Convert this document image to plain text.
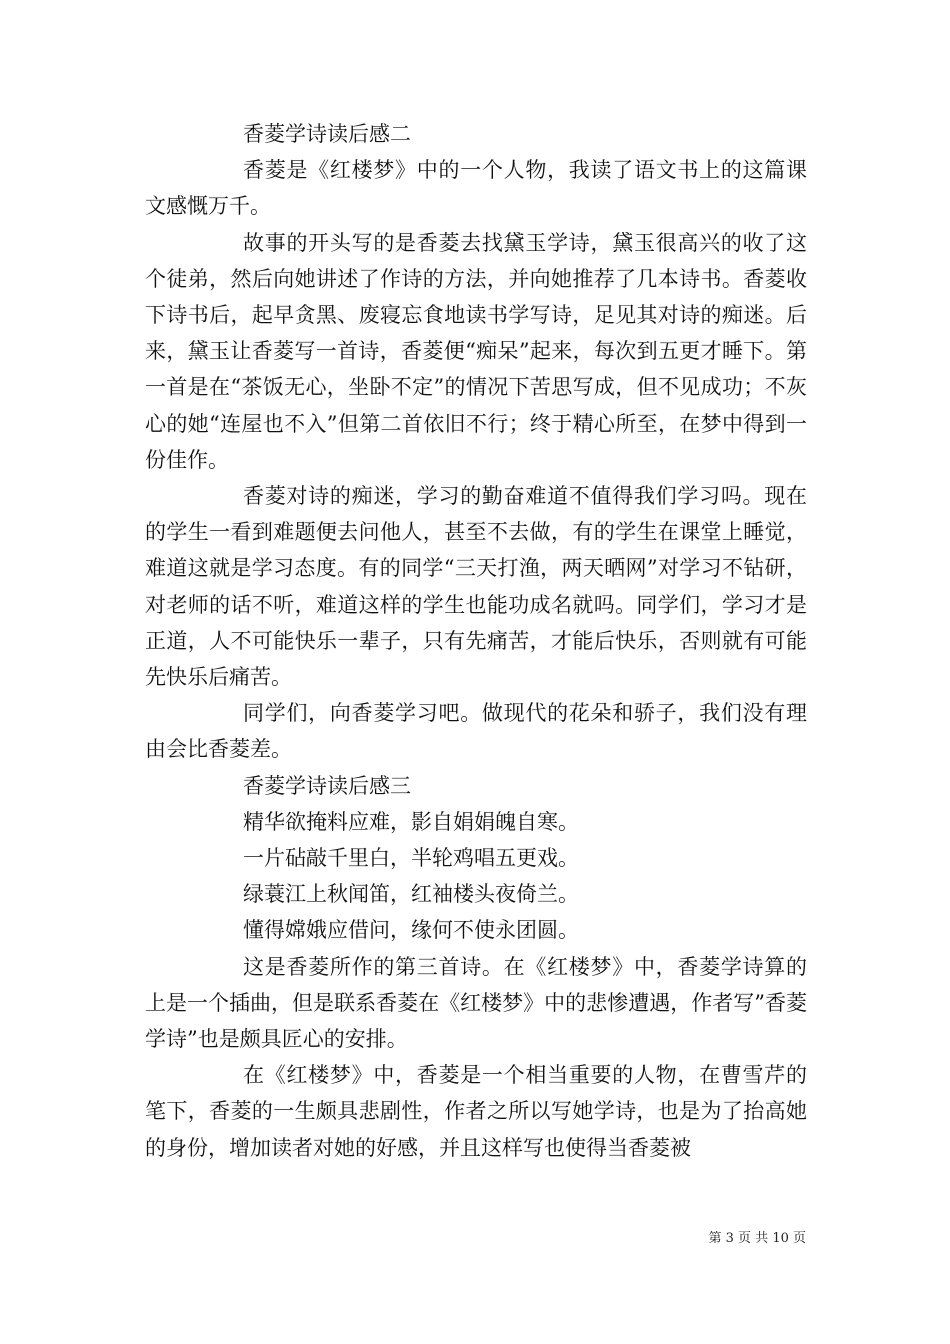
香菱学诗读后感二

香菱是《红楼梦》中的一个人物，我读了语文书上的这篇课文感慨万千。

故事的开头写的是香菱去找黛玉学诗，黛玉很高兴的收了这个徒弟，然后向她讲述了作诗的方法，并向她推荐了几本诗书。香菱收下诗书后，起早贪黑、废寝忘食地读书学写诗，足见其对诗的痴迷。后来，黛玉让香菱写一首诗，香菱便“痴呆”起来，每次到五更才睡下。第一首是在“茶饭无心，坐卧不定”的情况下苦思写成，但不见成功；不灰心的她“连屋也不入”但第二首依旧不行；终于精心所至，在梦中得到一份佳作。

香菱对诗的痴迷，学习的勤奋难道不值得我们学习吗。现在的学生一看到难题便去问他人，甚至不去做，有的学生在课堂上睡觉，难道这就是学习态度。有的同学“三天打渔，两天晒网”对学习不钻研，对老师的话不听，难道这样的学生也能功成名就吗。同学们，学习才是正道，人不可能快乐一辈子，只有先痛苦，才能后快乐，否则就有可能先快乐后痛苦。

同学们，向香菱学习吧。做现代的花朵和骄子，我们没有理由会比香菱差。

香菱学诗读后感三

精华欲掩料应难，影自娟娟魄自寒。

一片砧敲千里白，半轮鸡唱五更戏。

绿蓑江上秋闻笛，红袖楼头夜倚兰。

懂得嫦娥应借问，缘何不使永团圆。

这是香菱所作的第三首诗。在《红楼梦》中，香菱学诗算的上是一个插曲，但是联系香菱在《红楼梦》中的悲惨遭遇，作者写”香菱学诗”也是颇具匠心的安排。

在《红楼梦》中，香菱是一个相当重要的人物，在曹雪芹的笔下，香菱的一生颇具悲剧性，作者之所以写她学诗，也是为了抬高她的身份，增加读者对她的好感，并且这样写也使得当香菱被

第 3 页 共 10 页
